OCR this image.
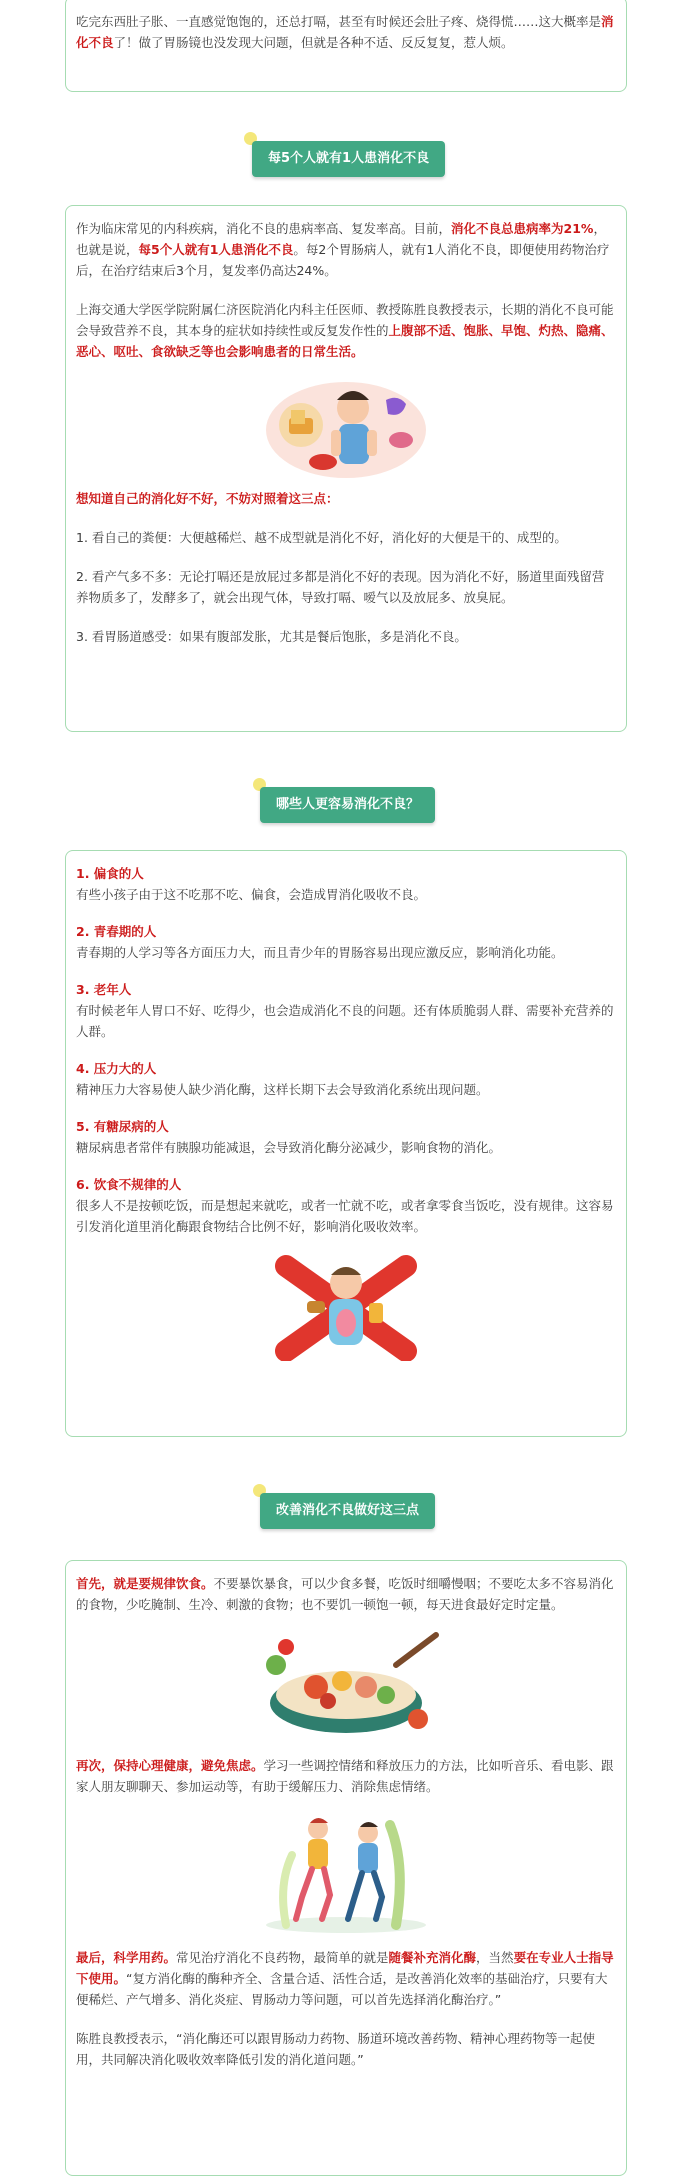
吃完东西肚子胀、一直感觉饱饱的，还总打嗝，甚至有时候还会肚子疼、烧得慌……这大概率是消化不良了！做了胃肠镜也没发现大问题，但就是各种不适、反反复复，惹人烦。

每5个人就有1人患消化不良

作为临床常见的内科疾病，消化不良的患病率高、复发率高。目前，消化不良总患病率为21%，也就是说，每5个人就有1人患消化不良。每2个胃肠病人，就有1人消化不良，即便使用药物治疗后，在治疗结束后3个月，复发率仍高达24%。

上海交通大学医学院附属仁济医院消化内科主任医师、教授陈胜良教授表示，长期的消化不良可能会导致营养不良，其本身的症状如持续性或反复发作性的上腹部不适、饱胀、早饱、灼热、隐痛、恶心、呕吐、食欲缺乏等也会影响患者的日常生活。

想知道自己的消化好不好，不妨对照着这三点：

1. 看自己的粪便：大便越稀烂、越不成型就是消化不好，消化好的大便是干的、成型的。

2. 看产气多不多：无论打嗝还是放屁过多都是消化不好的表现。因为消化不好，肠道里面残留营养物质多了，发酵多了，就会出现气体，导致打嗝、嗳气以及放屁多、放臭屁。

3. 看胃肠道感受：如果有腹部发胀，尤其是餐后饱胀，多是消化不良。

哪些人更容易消化不良？

1. 偏食的人

有些小孩子由于这不吃那不吃、偏食，会造成胃消化吸收不良。

2. 青春期的人

青春期的人学习等各方面压力大，而且青少年的胃肠容易出现应激反应，影响消化功能。

3. 老年人

有时候老年人胃口不好、吃得少，也会造成消化不良的问题。还有体质脆弱人群、需要补充营养的人群。

4. 压力大的人

精神压力大容易使人缺少消化酶，这样长期下去会导致消化系统出现问题。

5. 有糖尿病的人

糖尿病患者常伴有胰腺功能减退，会导致消化酶分泌减少，影响食物的消化。

6. 饮食不规律的人

很多人不是按顿吃饭，而是想起来就吃，或者一忙就不吃，或者拿零食当饭吃，没有规律。这容易引发消化道里消化酶跟食物结合比例不好，影响消化吸收效率。

改善消化不良做好这三点

首先，就是要规律饮食。不要暴饮暴食，可以少食多餐，吃饭时细嚼慢咽；不要吃太多不容易消化的食物，少吃腌制、生冷、刺激的食物；也不要饥一顿饱一顿，每天进食最好定时定量。

再次，保持心理健康，避免焦虑。学习一些调控情绪和释放压力的方法，比如听音乐、看电影、跟家人朋友聊聊天、参加运动等，有助于缓解压力、消除焦虑情绪。

最后，科学用药。常见治疗消化不良药物，最简单的就是随餐补充消化酶，当然要在专业人士指导下使用。“复方消化酶的酶种齐全、含量合适、活性合适，是改善消化效率的基础治疗，只要有大便稀烂、产气增多、消化炎症、胃肠动力等问题，可以首先选择消化酶治疗。”

陈胜良教授表示，“消化酶还可以跟胃肠动力药物、肠道环境改善药物、精神心理药物等一起使用，共同解决消化吸收效率降低引发的消化道问题。”
